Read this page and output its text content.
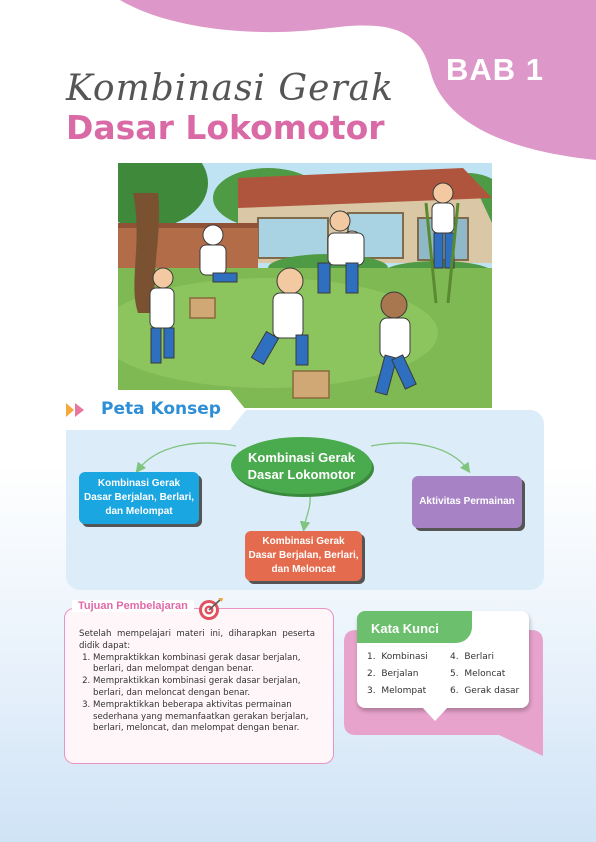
BAB 1
Kombinasi Gerak
Dasar Lokomotor
Peta Konsep
Kombinasi Gerak Dasar Lokomotor
Kombinasi Gerak Dasar Berjalan, Berlari, dan Melompat
Aktivitas Permainan
Kombinasi Gerak Dasar Berjalan, Berlari, dan Meloncat
Tujuan Pembelajaran

Setelah mempelajari materi ini, diharapkan peserta didik dapat:

1. Mempraktikkan kombinasi gerak dasar berjalan, berlari, dan melompat dengan benar.
2. Mempraktikkan kombinasi gerak dasar berjalan, berlari, dan meloncat dengan benar.
3. Mempraktikkan beberapa aktivitas permainan sederhana yang memanfaatkan gerakan berjalan, berlari, meloncat, dan melompat dengan benar.
Kata Kunci
1.  Kombinasi
2.  Berjalan
3.  Melompat
4.  Berlari
5.  Meloncat
6.  Gerak dasar
